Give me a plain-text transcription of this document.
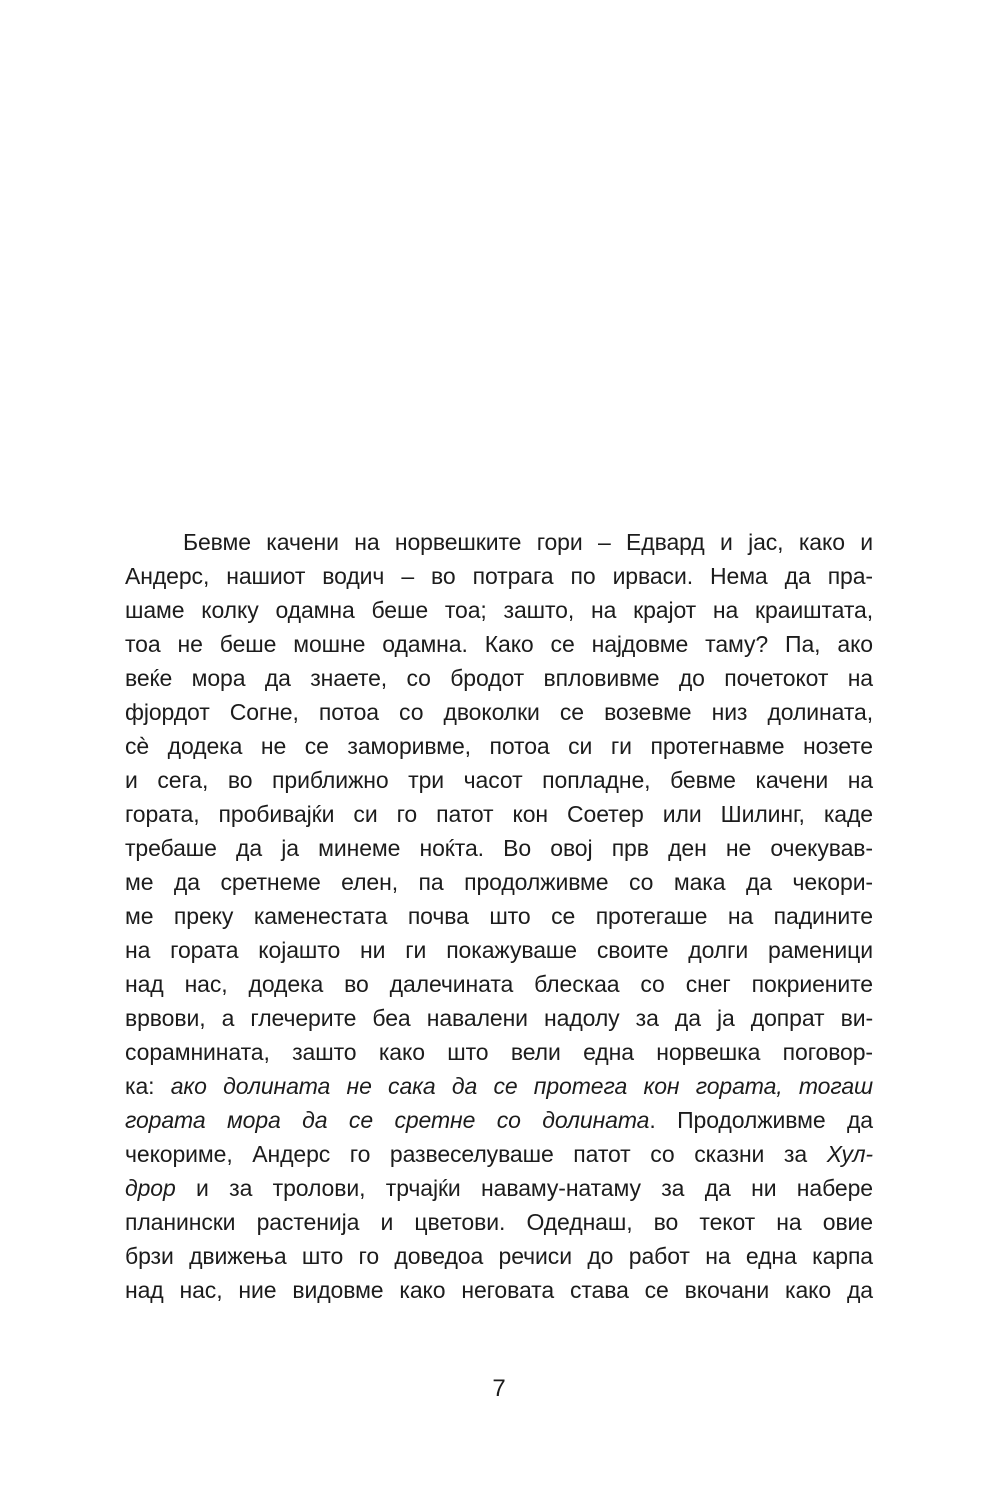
Бевме качени на норвешките гори – Едвард и јас, како и
Андерс, нашиот водич – во потрага по ирваси. Нема да пра-
шаме колку одамна беше тоа; зашто, на крајот на краиштата,
тоа не беше мошне одамна. Како се најдовме таму? Па, ако
веќе мора да знаете, со бродот впловивме до почетокот на
фјордот Согне, потоа со двоколки се возевме низ долината,
сè додека не се заморивме, потоа си ги протегнавме нозете
и сега, во приближно три часот попладне, бевме качени на
гората, пробивајќи си го патот кон Соетер или Шилинг, каде
требаше да ја минеме ноќта. Во овој прв ден не очекував-
ме да сретнеме елен, па продолживме со мака да чекори-
ме преку каменестата почва што се протегаше на падините
на гората којашто ни ги покажуваше своите долги раменици
над нас, додека во далечината блескаа со снег покриените
врвови, а глечерите беа навалени надолу за да ја допрат ви-
сорамнината, зашто како што вели една норвешка поговор-
ка: ако долината не сака да се протега кон гората, тогаш
гората мора да се сретне со долината. Продолживме да
чекориме, Андерс го развеселуваше патот со сказни за Хул-
дрор и за тролови, трчајќи наваму-натаму за да ни набере
планински растенија и цветови. Одеднаш, во текот на овие
брзи движења што го доведоа речиси до работ на една карпа
над нас, ние видовме како неговата става се вкочани како да
7
